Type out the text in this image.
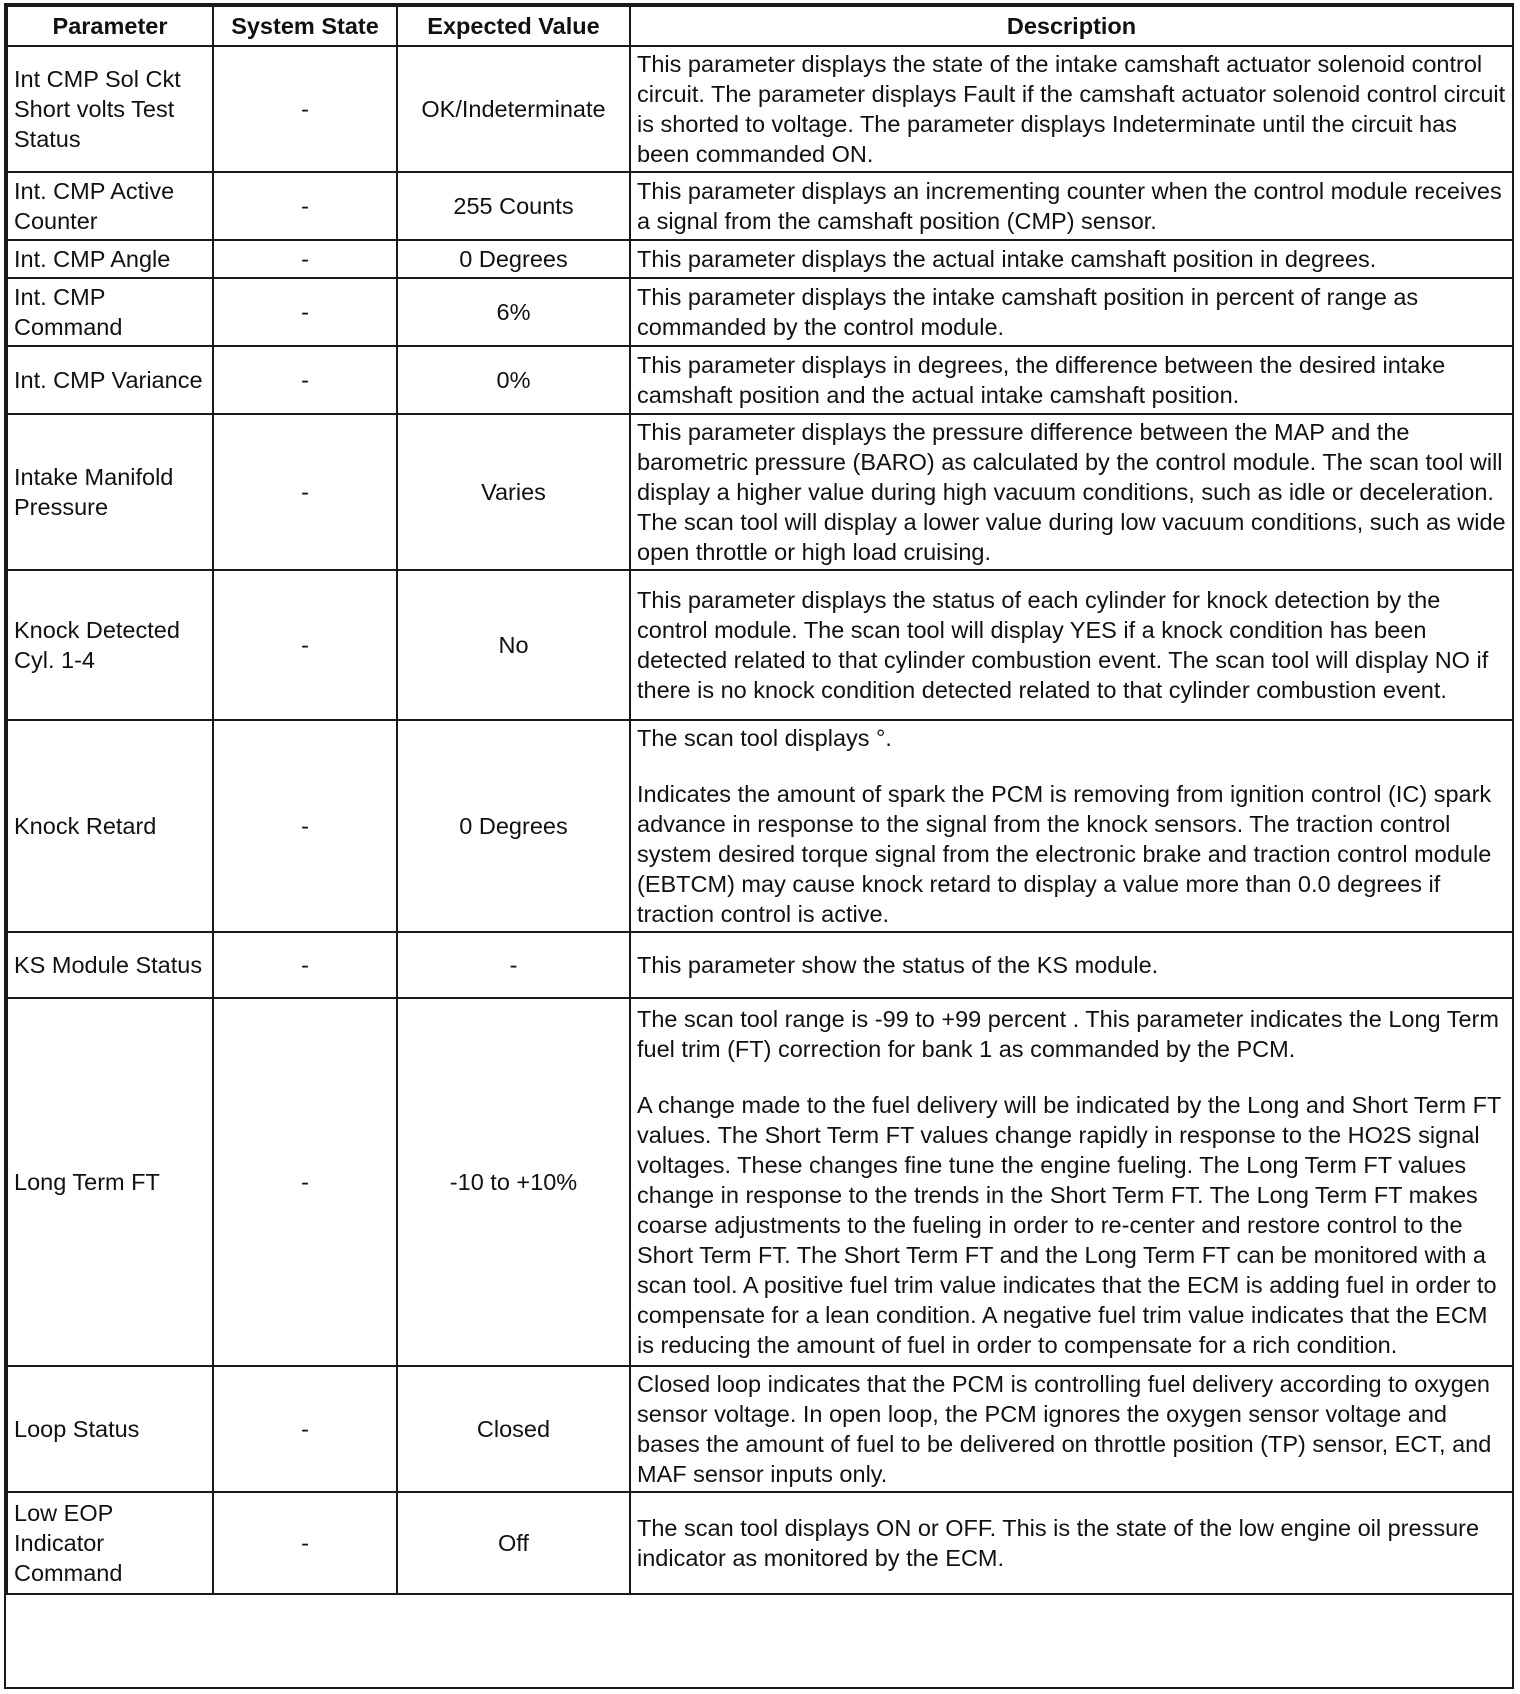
Parameter	System State	Expected Value	Description
Int CMP Sol Ckt Short volts Test Status	-	OK/Indeterminate	This parameter displays the state of the intake camshaft actuator solenoid control circuit. The parameter displays Fault if the camshaft actuator solenoid control circuit is shorted to voltage. The parameter displays Indeterminate until the circuit has been commanded ON.

Int. CMP Active Counter	-	255 Counts	This parameter displays an incrementing counter when the control module receives a signal from the camshaft position (CMP) sensor.

Int. CMP Angle	-	0 Degrees	This parameter displays the actual intake camshaft position in degrees.

Int. CMP Command	-	6%	This parameter displays the intake camshaft position in percent of range as commanded by the control module.

Int. CMP Variance	-	0%	This parameter displays in degrees, the difference between the desired intake camshaft position and the actual intake camshaft position.

Intake Manifold Pressure	-	Varies	This parameter displays the pressure difference between the MAP and the barometric pressure (BARO) as calculated by the control module. The scan tool will display a higher value during high vacuum conditions, such as idle or deceleration. The scan tool will display a lower value during low vacuum conditions, such as wide open throttle or high load cruising.

Knock Detected Cyl. 1-4	-	No	This parameter displays the status of each cylinder for knock detection by the control module. The scan tool will display YES if a knock condition has been detected related to that cylinder combustion event. The scan tool will display NO if there is no knock condition detected related to that cylinder combustion event.

Knock Retard	-	0 Degrees	The scan tool displays °.

Indicates the amount of spark the PCM is removing from ignition control (IC) spark advance in response to the signal from the knock sensors. The traction control system desired torque signal from the electronic brake and traction control module (EBTCM) may cause knock retard to display a value more than 0.0 degrees if traction control is active.

KS Module Status	-	-	This parameter show the status of the KS module.

Long Term FT	-	-10 to +10%	The scan tool range is -99 to +99 percent . This parameter indicates the Long Term fuel trim (FT) correction for bank 1 as commanded by the PCM.

A change made to the fuel delivery will be indicated by the Long and Short Term FT values. The Short Term FT values change rapidly in response to the HO2S signal voltages. These changes fine tune the engine fueling. The Long Term FT values change in response to the trends in the Short Term FT. The Long Term FT makes coarse adjustments to the fueling in order to re-center and restore control to the Short Term FT. The Short Term FT and the Long Term FT can be monitored with a scan tool. A positive fuel trim value indicates that the ECM is adding fuel in order to compensate for a lean condition. A negative fuel trim value indicates that the ECM is reducing the amount of fuel in order to compensate for a rich condition.

Loop Status	-	Closed	Closed loop indicates that the PCM is controlling fuel delivery according to oxygen sensor voltage. In open loop, the PCM ignores the oxygen sensor voltage and bases the amount of fuel to be delivered on throttle position (TP) sensor, ECT, and MAF sensor inputs only.

Low EOP Indicator Command	-	Off	The scan tool displays ON or OFF. This is the state of the low engine oil pressure indicator as monitored by the ECM.
